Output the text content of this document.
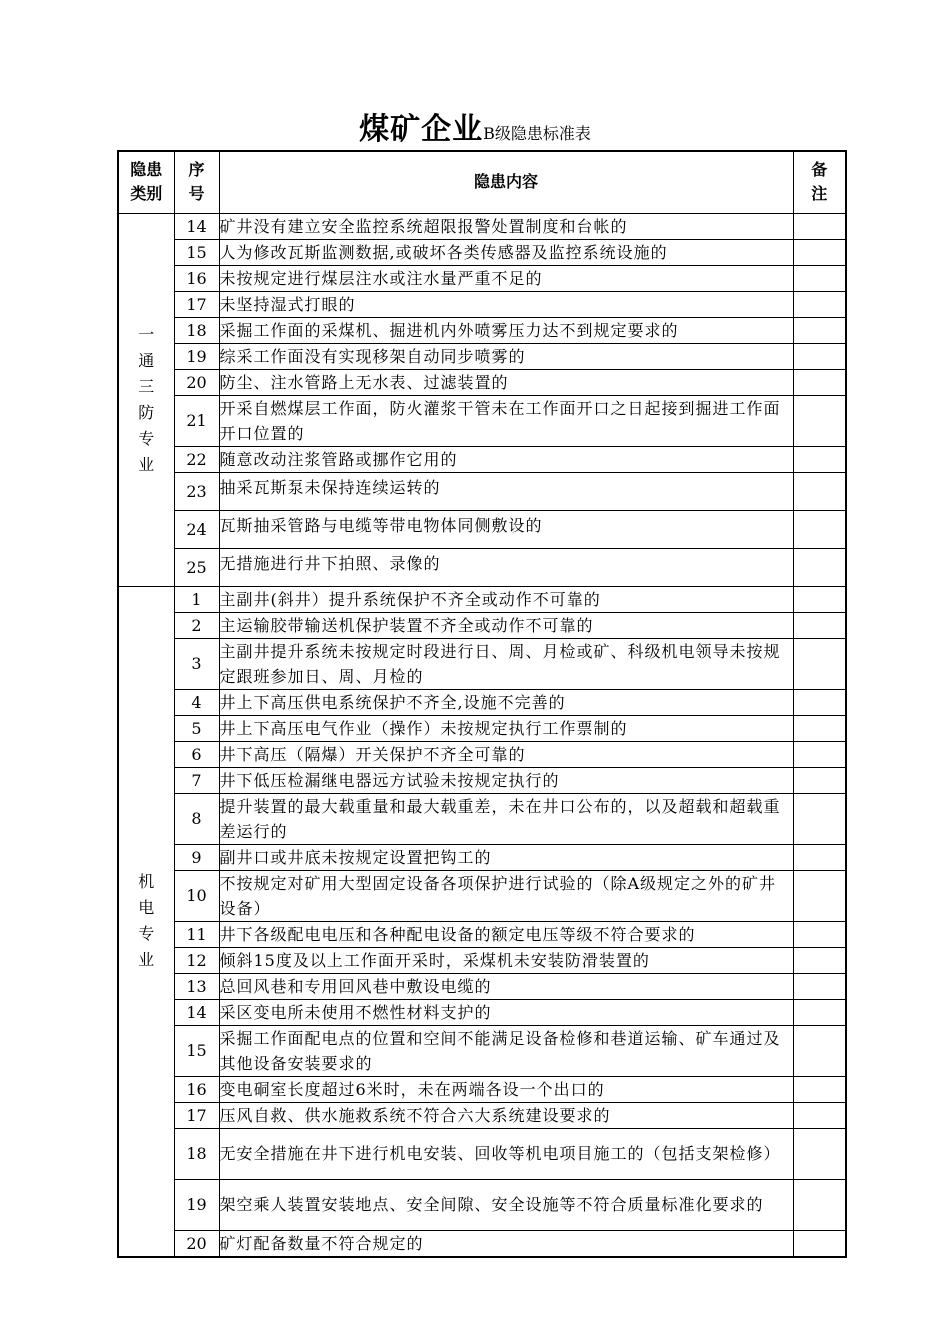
煤矿企业B级隐患标准表
隐患类别	序号	隐患内容	备注
一通三防专业	14	矿井没有建立安全监控系统超限报警处置制度和台帐的	
	15	人为修改瓦斯监测数据,或破坏各类传感器及监控系统设施的	
	16	未按规定进行煤层注水或注水量严重不足的	
	17	未坚持湿式打眼的	
	18	采掘工作面的采煤机、掘进机内外喷雾压力达不到规定要求的	
	19	综采工作面没有实现移架自动同步喷雾的	
	20	防尘、注水管路上无水表、过滤装置的	
	21	开采自燃煤层工作面，防火灌浆干管未在工作面开口之日起接到掘进工作面开口位置的	
	22	随意改动注浆管路或挪作它用的	
	23	抽采瓦斯泵未保持连续运转的	
	24	瓦斯抽采管路与电缆等带电物体同侧敷设的	
	25	无措施进行井下拍照、录像的	
机电专业	1	主副井(斜井）提升系统保护不齐全或动作不可靠的	
	2	主运输胶带输送机保护装置不齐全或动作不可靠的	
	3	主副井提升系统未按规定时段进行日、周、月检或矿、科级机电领导未按规定跟班参加日、周、月检的	
	4	井上下高压供电系统保护不齐全,设施不完善的	
	5	井上下高压电气作业（操作）未按规定执行工作票制的	
	6	井下高压（隔爆）开关保护不齐全可靠的	
	7	井下低压检漏继电器远方试验未按规定执行的	
	8	提升装置的最大载重量和最大载重差，未在井口公布的，以及超载和超载重差运行的	
	9	副井口或井底未按规定设置把钩工的	
	10	不按规定对矿用大型固定设备各项保护进行试验的（除A级规定之外的矿井设备）	
	11	井下各级配电电压和各种配电设备的额定电压等级不符合要求的	
	12	倾斜15度及以上工作面开采时，采煤机未安装防滑装置的	
	13	总回风巷和专用回风巷中敷设电缆的	
	14	采区变电所未使用不燃性材料支护的	
	15	采掘工作面配电点的位置和空间不能满足设备检修和巷道运输、矿车通过及其他设备安装要求的	
	16	变电硐室长度超过6米时，未在两端各设一个出口的	
	17	压风自救、供水施救系统不符合六大系统建设要求的	
	18	无安全措施在井下进行机电安装、回收等机电项目施工的（包括支架检修）	
	19	架空乘人装置安装地点、安全间隙、安全设施等不符合质量标准化要求的	
	20	矿灯配备数量不符合规定的	
